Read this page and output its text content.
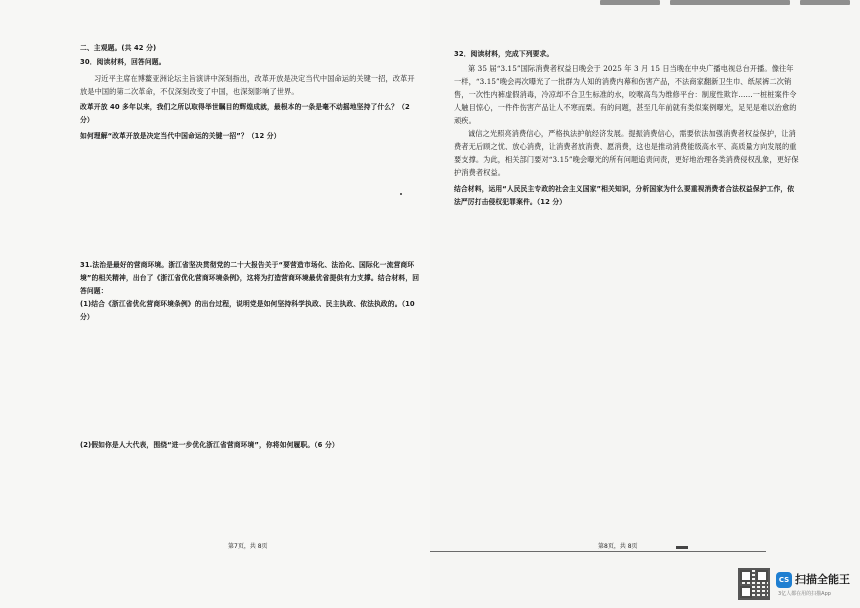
二、主观题。(共 42 分)

30．阅读材料，回答问题。

习近平主席在博鳌亚洲论坛主旨演讲中深刻指出，改革开放是决定当代中国命运的关键一招，改革开放是中国的第二次革命，不仅深刻改变了中国，也深刻影响了世界。

改革开放 40 多年以来，我们之所以取得举世瞩目的辉煌成就，最根本的一条是毫不动摇地坚持了什么？（2 分）

如何理解“改革开放是决定当代中国命运的关键一招”？（12 分）

31.法治是最好的营商环境。浙江省坚决贯彻党的二十大报告关于“要营造市场化、法治化、国际化一流营商环境”的相关精神，出台了《浙江省优化营商环境条例》，这将为打造营商环境最优省提供有力支撑。结合材料，回答问题：

(1)结合《浙江省优化营商环境条例》的出台过程，说明党是如何坚持科学执政、民主执政、依法执政的。（10 分）

(2)假如你是人大代表，围绕“进一步优化浙江省营商环境”，你将如何履职。（6 分）

第7页，共 8页

32．阅读材料，完成下列要求。

第 35 届“3.15”国际消费者权益日晚会于 2025 年 3 月 15 日当晚在中央广播电视总台开播。像往年一样，“3.15”晚会再次曝光了一批群为人知的消费内幕和伤害产品，不法商家翻新卫生巾、纸尿裤二次销售，一次性内裤虚假消毒，冷凉却不合卫生标准的水，咬喉高鸟为维修平台：制度性欺诈……一桩桩案件令人触目惊心，一件件伤害产品让人不寒而栗。有的问题，甚至几年前就有类似案例曝光，足见是难以治愈的顽疾。

诚信之光照亮消费信心，严格执法护航经济发展。提振消费信心，需要依法加强消费者权益保护，让消费者无后顾之忧、放心消费，让消费者放消费、愿消费，这也是推动消费能级高水平、高质量方向发展的重要支撑。为此，相关部门要对“3.15”晚会曝光的所有问题追责问责，更好地治理各类消费侵权乱象，更好保护消费者权益。

结合材料，运用“人民民主专政的社会主义国家”相关知识，分析国家为什么要重视消费者合法权益保护工作，依法严厉打击侵权犯罪案件。（12 分）

第8页，共 8页
CS 扫描全能王
3亿人都在用的扫描App
